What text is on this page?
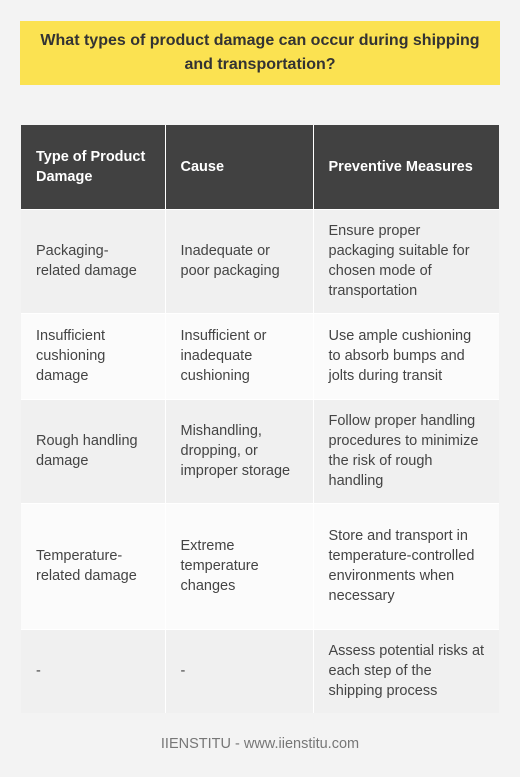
What types of product damage can occur during shipping and transportation?
Type of Product Damage	Cause	Preventive Measures
Packaging-related damage	Inadequate or poor packaging	Ensure proper packaging suitable for chosen mode of transportation
Insufficient cushioning damage	Insufficient or inadequate cushioning	Use ample cushioning to absorb bumps and jolts during transit
Rough handling damage	Mishandling, dropping, or improper storage	Follow proper handling procedures to minimize the risk of rough handling
Temperature-related damage	Extreme temperature changes	Store and transport in temperature-controlled environments when necessary
-	-	Assess potential risks at each step of the shipping process
IIENSTITU - www.iienstitu.com
